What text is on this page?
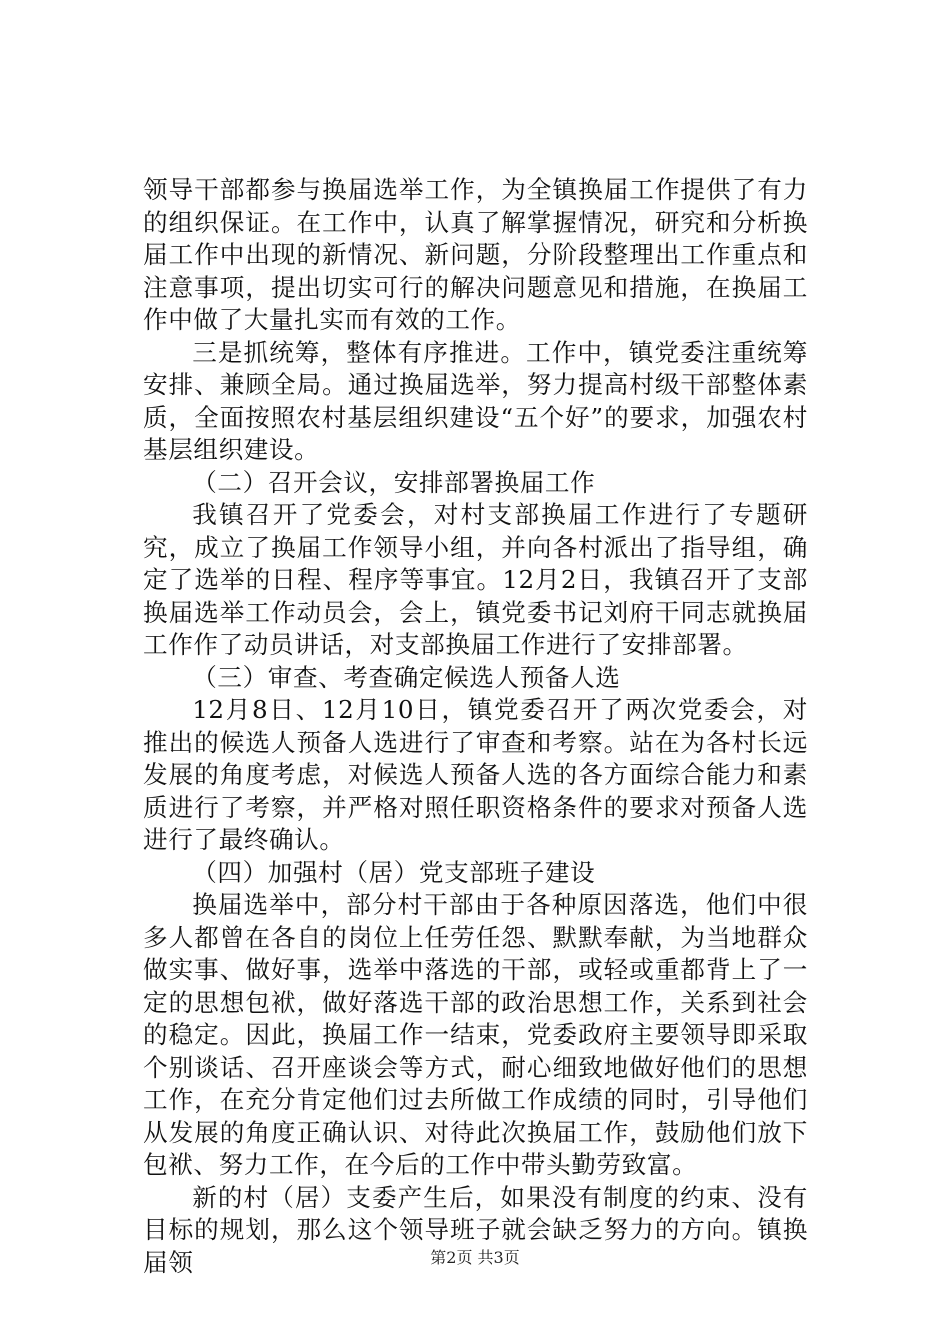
领导干部都参与换届选举工作，为全镇换届工作提供了有力的组织保证。在工作中，认真了解掌握情况，研究和分析换届工作中出现的新情况、新问题，分阶段整理出工作重点和注意事项，提出切实可行的解决问题意见和措施，在换届工作中做了大量扎实而有效的工作。

三是抓统筹，整体有序推进。工作中，镇党委注重统筹安排、兼顾全局。通过换届选举，努力提高村级干部整体素质，全面按照农村基层组织建设“五个好”的要求，加强农村基层组织建设。

（二）召开会议，安排部署换届工作

我镇召开了党委会，对村支部换届工作进行了专题研究，成立了换届工作领导小组，并向各村派出了指导组，确定了选举的日程、程序等事宜。12月2日，我镇召开了支部换届选举工作动员会，会上，镇党委书记刘府干同志就换届工作作了动员讲话，对支部换届工作进行了安排部署。

（三）审查、考查确定候选人预备人选

12月8日、12月10日，镇党委召开了两次党委会，对推出的候选人预备人选进行了审查和考察。站在为各村长远发展的角度考虑，对候选人预备人选的各方面综合能力和素质进行了考察，并严格对照任职资格条件的要求对预备人选进行了最终确认。

（四）加强村（居）党支部班子建设

换届选举中，部分村干部由于各种原因落选，他们中很多人都曾在各自的岗位上任劳任怨、默默奉献，为当地群众做实事、做好事，选举中落选的干部，或轻或重都背上了一定的思想包袱，做好落选干部的政治思想工作，关系到社会的稳定。因此，换届工作一结束，党委政府主要领导即采取个别谈话、召开座谈会等方式，耐心细致地做好他们的思想工作，在充分肯定他们过去所做工作成绩的同时，引导他们从发展的角度正确认识、对待此次换届工作，鼓励他们放下包袱、努力工作，在今后的工作中带头勤劳致富。

新的村（居）支委产生后，如果没有制度的约束、没有目标的规划，那么这个领导班子就会缺乏努力的方向。镇换届领	第2页 共3页
